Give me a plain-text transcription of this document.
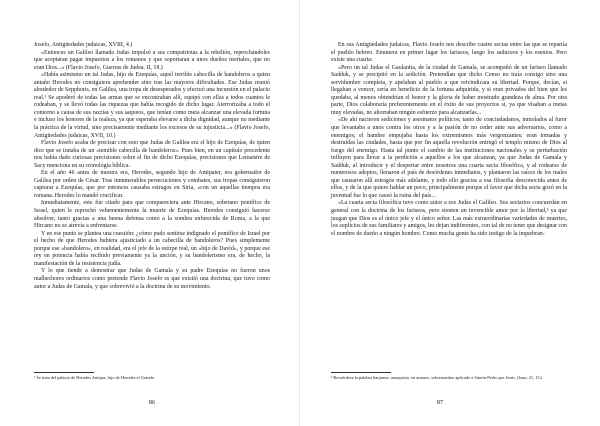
Josefo, Antigüedades judaicas, XVIII, 4.)

«Entonces un Galileo llamado Judas impulsó a sus compatriotas a la rebelión, reprochándoles que aceptaran pagar impuestos a los romanos y que soportaran a unos dueños mortales, que no eran Dios...» (Flavio Josefo, Guerras de Judea. II, 18.)

«Había asimismo un tal Judas, hijo de Ezequías, aquel terrible cabecilla de bandoleros a quien antaño Herodes no consiguiera aprehender sino tras las mayores dificultades. Ese Judas reunió alrededor de Sepphoris, en Galilea, una tropa de desesperados y efectuó una incursión en el palacio real.¹ Se apoderó de todas las armas que se encontraban allí, equipó con ellas a todos cuantos le rodeaban, y se llevó todas las riquezas que había recogido de dicho lugar. Aterrorizaba a todo el contorno a causa de sus razzias y sus saqueos, que tenían como meta alcanzar una elevada fortuna e incluso los honores de la realeza, ya que esperaba elevarse a dicha dignidad, aunque no mediante la práctica de la virtud, sino precisamente mediante los excesos de su injusticia...» (Flavio Josefo, Antigüedades judaicas, XVII, 10.)

Flavio Josefo acaba de precisar con esto que Judas de Galilea era el hijo de Ezequías, de quien dice que se trataba de un «temible cabecilla de bandoleros». Pues bien, en un capítulo precedente nos había dado curiosas precisiones sobre el fin de dicho Ezequías, precisiones que Lemaistre de Sacy menciona en su cronología bíblica.

En el año 46 antes de nuestra era, Herodes, segundo hijo de Antipater, era gobernador de Galilea por orden de César. Tras innumerables persecuciones y combates, sus tropas consiguieron capturar a Ezequías, que por entonces causaba estragos en Siria, «con un aquellas tiempos era romana. Herodes lo mandó crucificar.

Inmediatamente, este fue citado para que compareciera ante Hircano, soberano pontífice de Israel, quien le reprochó vehementemente la muerte de Ezequías. Herodes consiguió hacerse absolver, tanto gracias a una buena defensa como a la sombra enfurecida de Roma, a la que Hircano no se atrevía a enfrentarse.

Y en ese punto se plantea una cuestión: ¿cómo pudo sentirse indignado el pontífice de Israel por el hecho de que Herodes hubiera ajusticiado a un cabecilla de bandoleros? Pues simplemente porque ese «bandolero», en realidad, era el jefe de la estirpe real, un «hijo de David», y porque ese rey en potencia había recibido previamente ya la unción, y su bandolerismo era, de hecho, la manifestación de la resistencia judía.

Y lo que tiende a demostrar que Judas de Gamala y su padre Ezequías no fueron unos malhechores ordinarios como pretende Flavio Josefo es que existió una doctrina, que tuvo como autor a Judas de Gamala, y que sobrevivió a la doctrina de su movimiento.

¹ Se trata del palacio de Herodes Antipas, hijo de Herodes el Grande.
86

En sus Antigüedades judaicas, Flavio Josefo nos describe cuatro sectas entre las que se repartía el pueblo hebreo. Enumera en primer lugar los fariseos, luego los saduceos y los esenios. Pero existe una cuarta:

«Pero un tal Judas el Gaulanita, de la ciudad de Gamala, se acompañó de un fariseo llamado Sadduk, y se precipitó en la sedición. Pretendían que dicho Censo no traía consigo sino una servidumbre completa, y apelaban al pueblo a que reivindicara su libertad. Porque, decían, si llegaban a vencer, sería en beneficio de la fortuna adquirida, y si eran privados del bien que les quedaba, al menos obtendrían el honor y la gloria de haber mostrado grandeza de alma. Por otra parte, Dios colaboraría preferentemente en el éxito de sus proyectos si, ya que visaban a metas muy elevadas, no ahorraban ningún esfuerzo para alcanzarlas...

«De ahí nacieron sediciones y asesinatos políticos; tanto de conciudadanos, inmolados al furor que levantaba a unos contra los otros y a la pasión de no ceder ante sus adversarios, como a enemigos; el hambre empujaba hasta los extremismos más vergonzantes; eran tomadas y destruidas las ciudades, hasta que por fin aquella revolución entregó el templo mismo de Dios al fuego del enemigo. Hasta tal punto el cambio de las instituciones nacionales y su perturbación influyen para llevar a la perdición a aquellos a los que alcanzan, ya que Judas de Gamala y Sadduk, al introducir y el despertar entre nosotros una cuarta secta filosófica, y al rodearse de numerosos adeptos, llenaron el país de desórdenes inmediatos, y plantaron las raíces de los males que causaron allí estragos más adelante, y todo ello gracias a esa filosofía desconocida antes de ellos, y de la que quiero hablar un poco, principalmente porque el favor que dicha secta gozó en la juventud fue lo que causó la ruina del país...

«La cuarta secta filosófica tuvo como autor a ese Judas el Galileo. Sus sectarios concuerdan en general con la doctrina de los fariseos, pero sienten un invencible amor por la libertad,² ya que juzgan que Dios es el único jefe y el único señor. Las más extraordinarias variedades de muertes, los suplicios de sus familiares y amigos, les dejan indiferentes, con tal de no tener que designar con el nombre de dueño a ningún hombre. Como mucha gente ha sido testigo de la inquebran-

² Recuérdese la palabra barjonna: anarquista, en arameo, sobrenombre aplicado a Simón-Pedro por Jesús. (Juan, 21, 15.)
87
